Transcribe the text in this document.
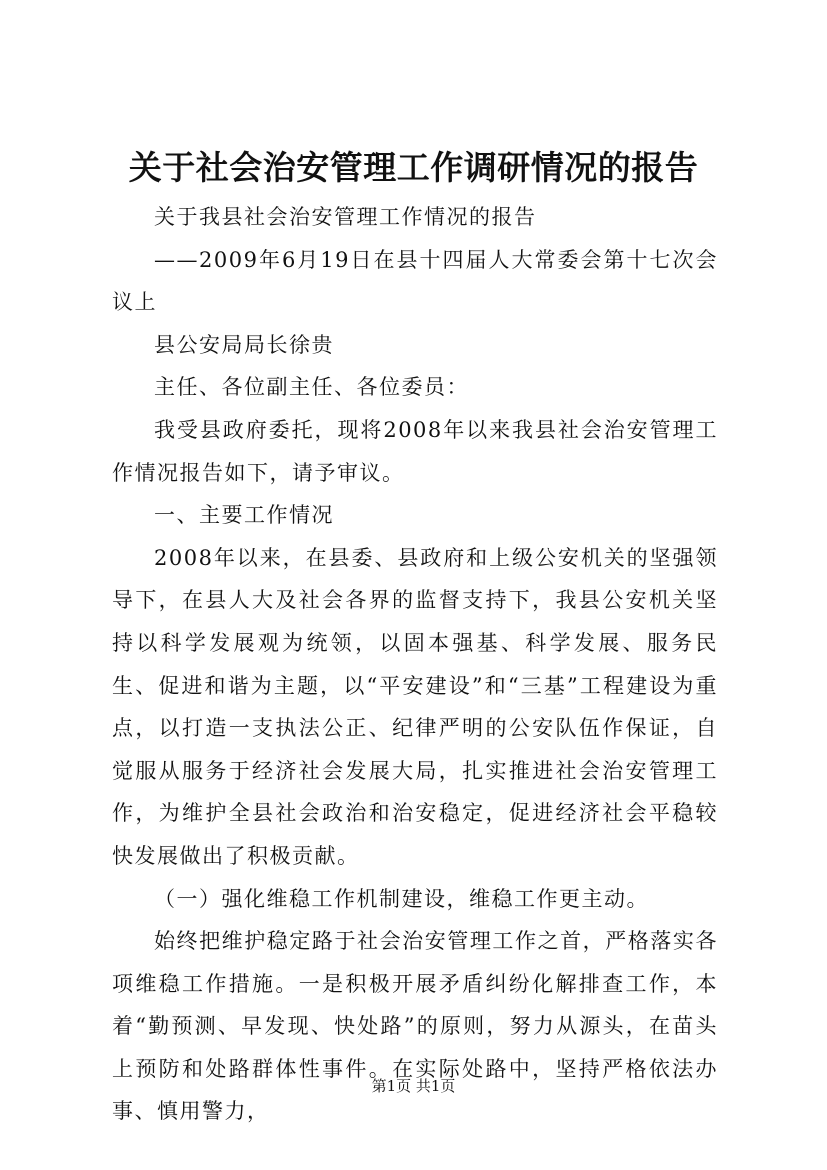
关于社会治安管理工作调研情况的报告

关于我县社会治安管理工作情况的报告

——2009年6月19日在县十四届人大常委会第十七次会议上

县公安局局长徐贵

主任、各位副主任、各位委员：

我受县政府委托，现将2008年以来我县社会治安管理工作情况报告如下，请予审议。

一、主要工作情况

2008年以来，在县委、县政府和上级公安机关的坚强领导下，在县人大及社会各界的监督支持下，我县公安机关坚持以科学发展观为统领，以固本强基、科学发展、服务民生、促进和谐为主题，以“平安建设”和“三基”工程建设为重点，以打造一支执法公正、纪律严明的公安队伍作保证，自觉服从服务于经济社会发展大局，扎实推进社会治安管理工作，为维护全县社会政治和治安稳定，促进经济社会平稳较快发展做出了积极贡献。

（一）强化维稳工作机制建设，维稳工作更主动。

始终把维护稳定路于社会治安管理工作之首，严格落实各项维稳工作措施。一是积极开展矛盾纠纷化解排查工作，本着“勤预测、早发现、快处路”的原则，努力从源头，在苗头上预防和处路群体性事件。在实际处路中，坚持严格依法办事、慎用警力，

第1页 共1页
